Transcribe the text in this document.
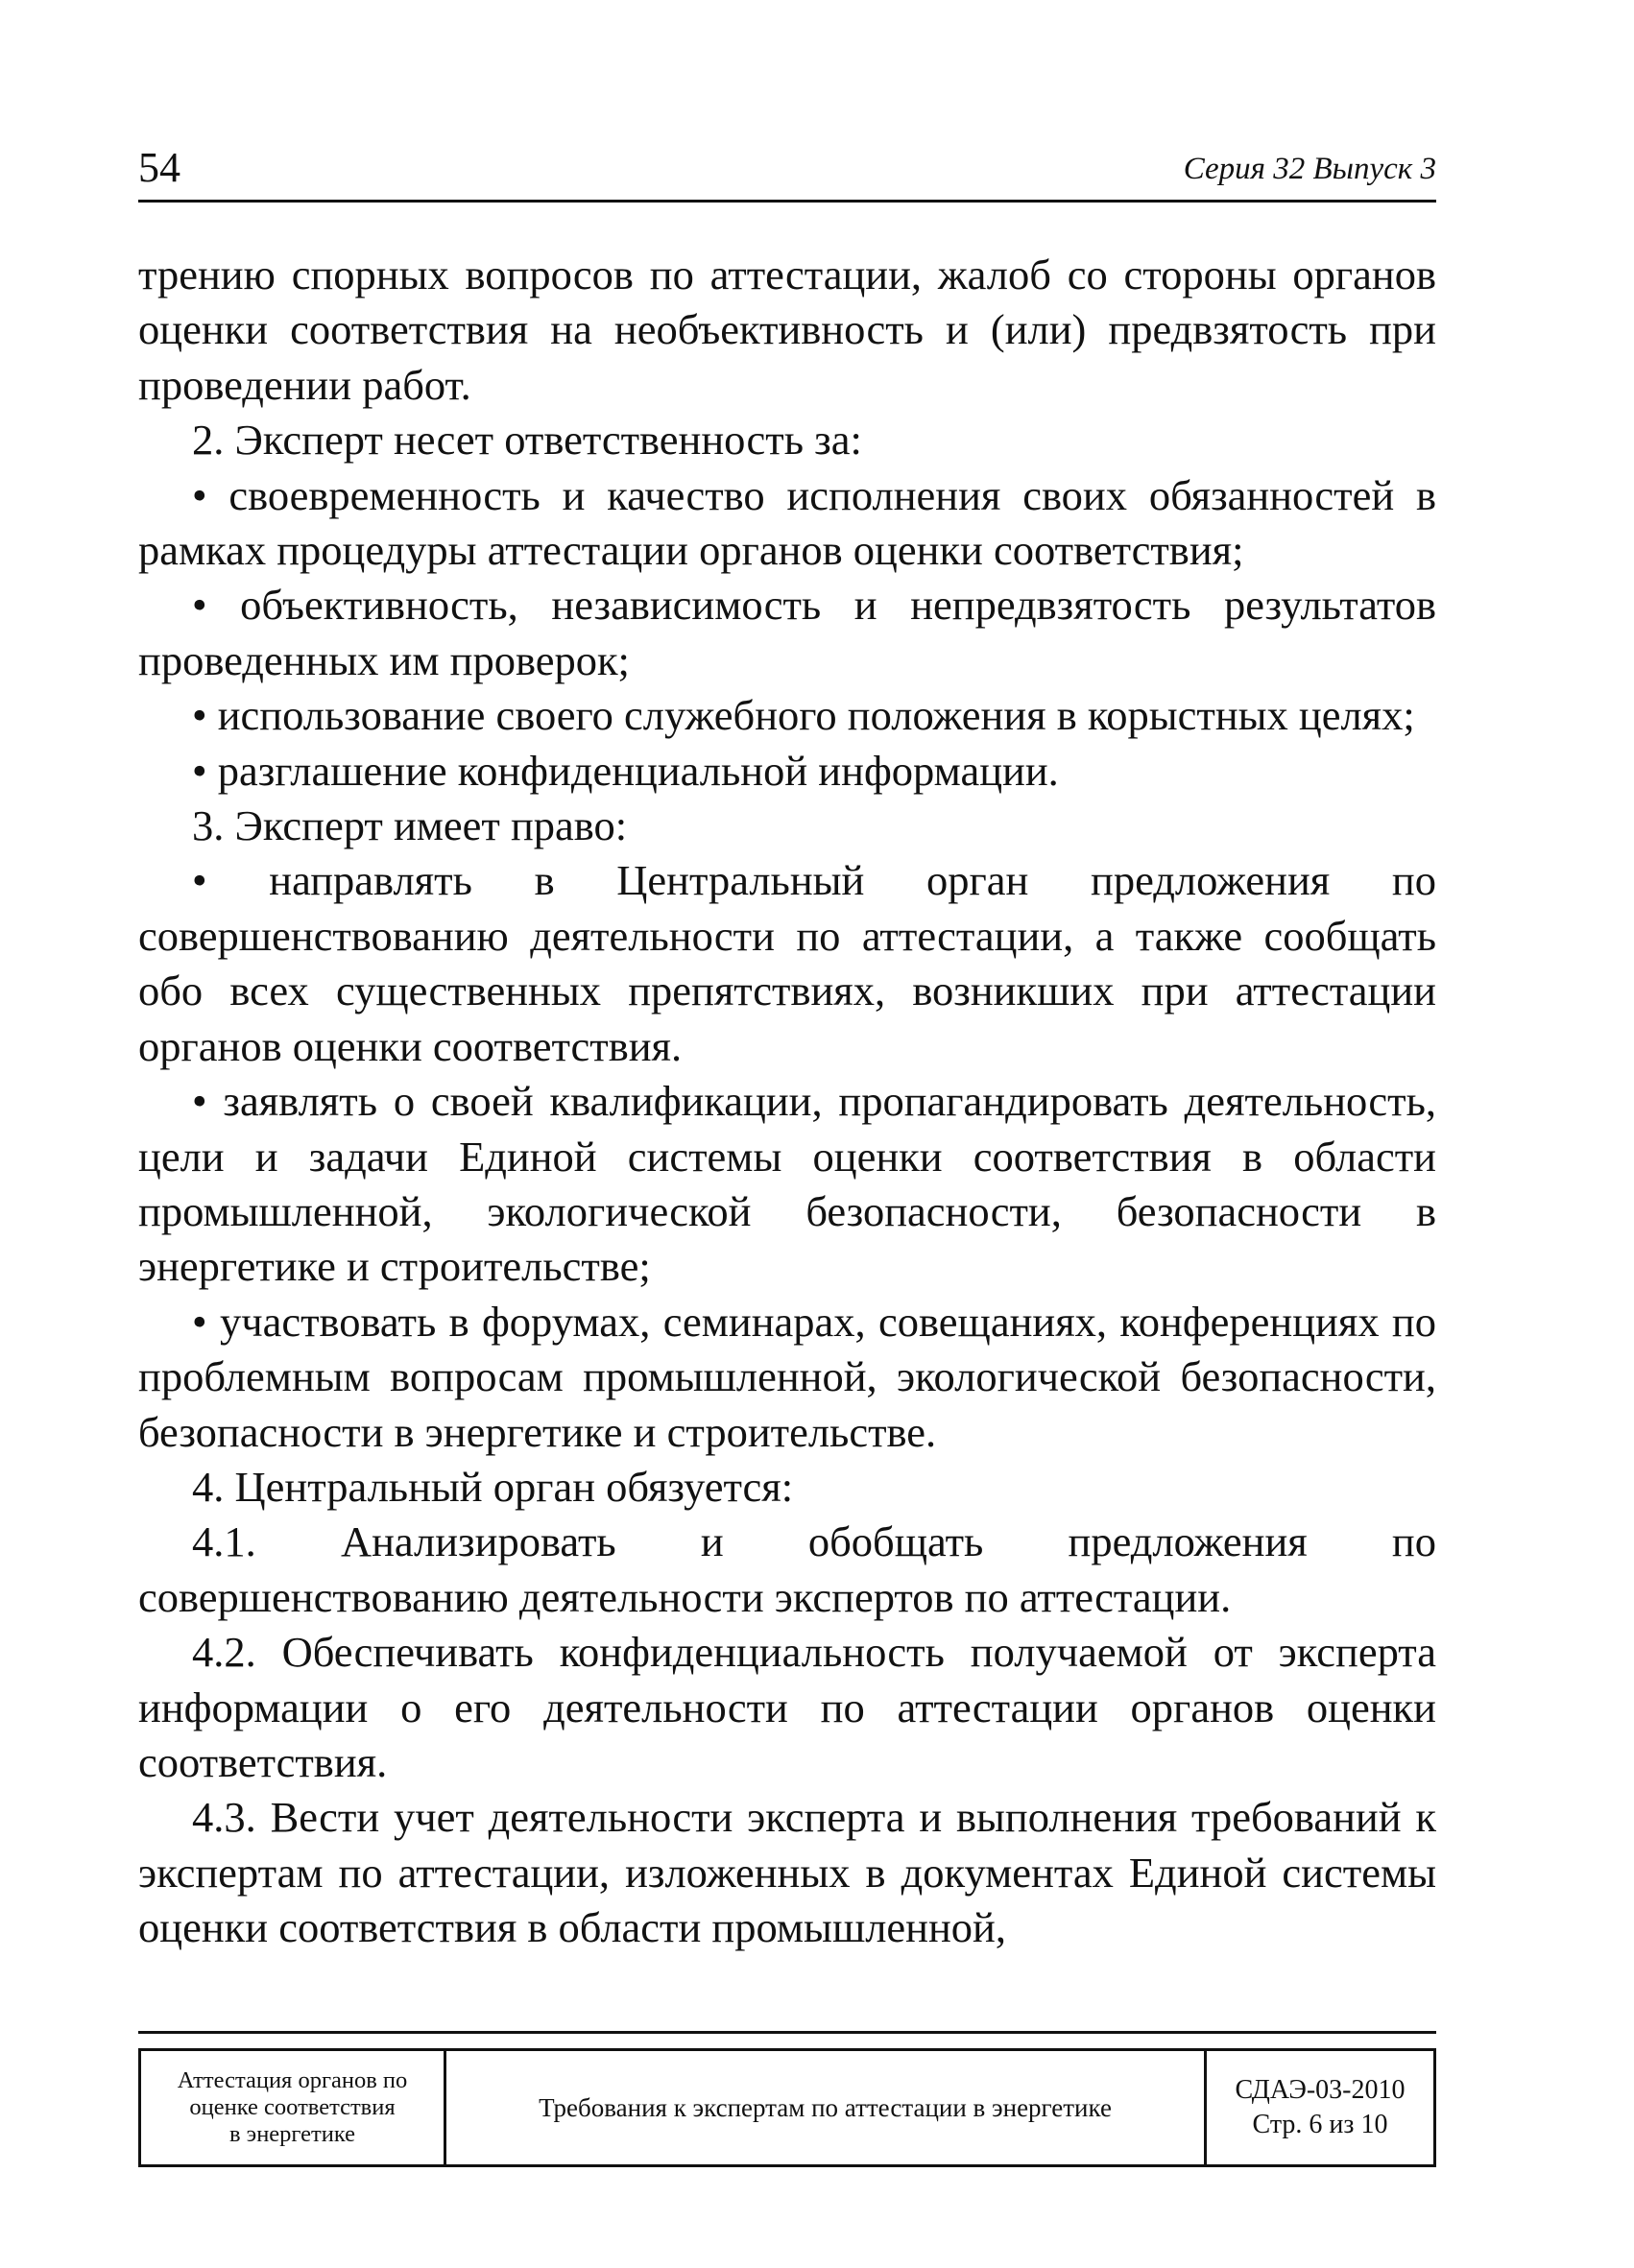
54	Серия 32 Выпуск 3

трению спорных вопросов по аттестации, жалоб со стороны органов оценки соответствия на необъективность и (или) предвзятость при проведении работ.

2. Эксперт несет ответственность за:

• своевременность и качество исполнения своих обязанностей в рамках процедуры аттестации органов оценки соответствия;

• объективность, независимость и непредвзятость результатов проведенных им проверок;

• использование своего служебного положения в корыстных целях;

• разглашение конфиденциальной информации.

3. Эксперт имеет право:

• направлять в Центральный орган предложения по совершенствованию деятельности по аттестации, а также сообщать обо всех существенных препятствиях, возникших при аттестации органов оценки соответствия.

• заявлять о своей квалификации, пропагандировать деятельность, цели и задачи Единой системы оценки соответствия в области промышленной, экологической безопасности, безопасности в энергетике и строительстве;

• участвовать в форумах, семинарах, совещаниях, конференциях по проблемным вопросам промышленной, экологической безопасности, безопасности в энергетике и строительстве.

4. Центральный орган обязуется:

4.1. Анализировать и обобщать предложения по совершенствованию деятельности экспертов по аттестации.

4.2. Обеспечивать конфиденциальность получаемой от эксперта информации о его деятельности по аттестации органов оценки соответствия.

4.3. Вести учет деятельности эксперта и выполнения требований к экспертам по аттестации, изложенных в документах Единой системы оценки соответствия в области промышленной,

Аттестация органов по
оценке соответствия
в энергетике
Требования к экспертам по аттестации в энергетике
СДАЭ-03-2010
Стр. 6 из 10
